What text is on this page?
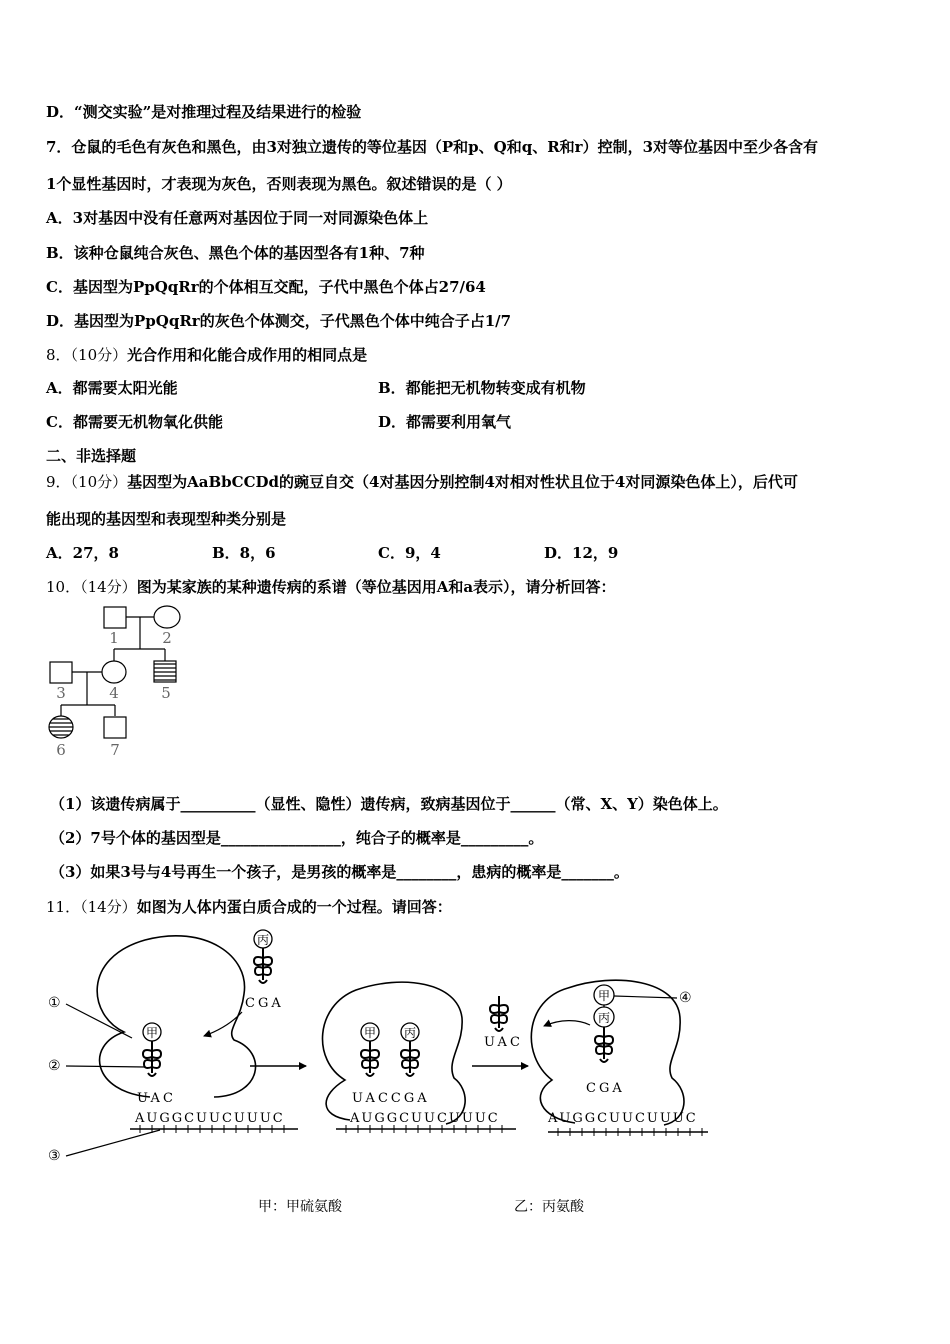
D．“测交实验”是对推理过程及结果进行的检验
7．仓鼠的毛色有灰色和黑色，由3对独立遗传的等位基因（P和p、Q和q、R和r）控制，3对等位基因中至少各含有
1个显性基因时，才表现为灰色，否则表现为黑色。叙述错误的是（ ）
A．3对基因中没有任意两对基因位于同一对同源染色体上
B．该种仓鼠纯合灰色、黑色个体的基因型各有1种、7种
C．基因型为PpQqRr的个体相互交配，子代中黑色个体占27/64
D．基因型为PpQqRr的灰色个体测交，子代黑色个体中纯合子占1/7
8．（10分）光合作用和化能合成作用的相同点是
A．都需要太阳光能	B．都能把无机物转变成有机物
C．都需要无机物氧化供能	D．都需要利用氧气
二、非选择题
9．（10分）基因型为AaBbCCDd的豌豆自交（4对基因分别控制4对相对性状且位于4对同源染色体上），后代可
能出现的基因型和表现型种类分别是
A．27，8	B．8，6	C．9，4	D．12，9
10．（14分）图为某家族的某种遗传病的系谱（等位基因用A和a表示），请分析回答：
1	2
3	4	5
6	7
（1）该遗传病属于__________（显性、隐性）遗传病，致病基因位于______（常、X、Y）染色体上。
（2）7号个体的基因型是________________，纯合子的概率是_________。
（3）如果3号与4号再生一个孩子，是男孩的概率是________，患病的概率是_______。
11．（14分）如图为人体内蛋白质合成的一个过程。请回答：
甲
UAC
AUGGCUUCUUUC
丙
CGA
①
②
③
甲 丙
UACCGA
AUGGCUUCUUUC
甲
丙
CGA
AUGGCUUCUUUC
UAC
④
甲：甲硫氨酸	乙：丙氨酸
